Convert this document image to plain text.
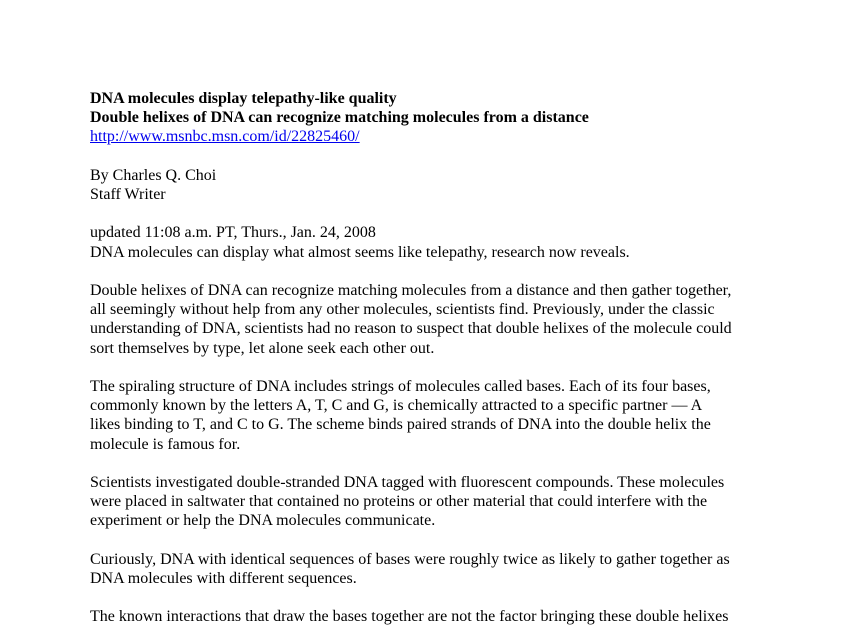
DNA molecules display telepathy-like quality
Double helixes of DNA can recognize matching molecules from a distance
http://www.msnbc.msn.com/id/22825460/
By Charles Q. Choi
Staff Writer
updated 11:08 a.m. PT, Thurs., Jan. 24, 2008
DNA molecules can display what almost seems like telepathy, research now reveals.
Double helixes of DNA can recognize matching molecules from a distance and then gather together,
all seemingly without help from any other molecules, scientists find. Previously, under the classic
understanding of DNA, scientists had no reason to suspect that double helixes of the molecule could
sort themselves by type, let alone seek each other out.
The spiraling structure of DNA includes strings of molecules called bases. Each of its four bases,
commonly known by the letters A, T, C and G, is chemically attracted to a specific partner — A
likes binding to T, and C to G. The scheme binds paired strands of DNA into the double helix the
molecule is famous for.
Scientists investigated double-stranded DNA tagged with fluorescent compounds. These molecules
were placed in saltwater that contained no proteins or other material that could interfere with the
experiment or help the DNA molecules communicate.
Curiously, DNA with identical sequences of bases were roughly twice as likely to gather together as
DNA molecules with different sequences.
The known interactions that draw the bases together are not the factor bringing these double helixes
